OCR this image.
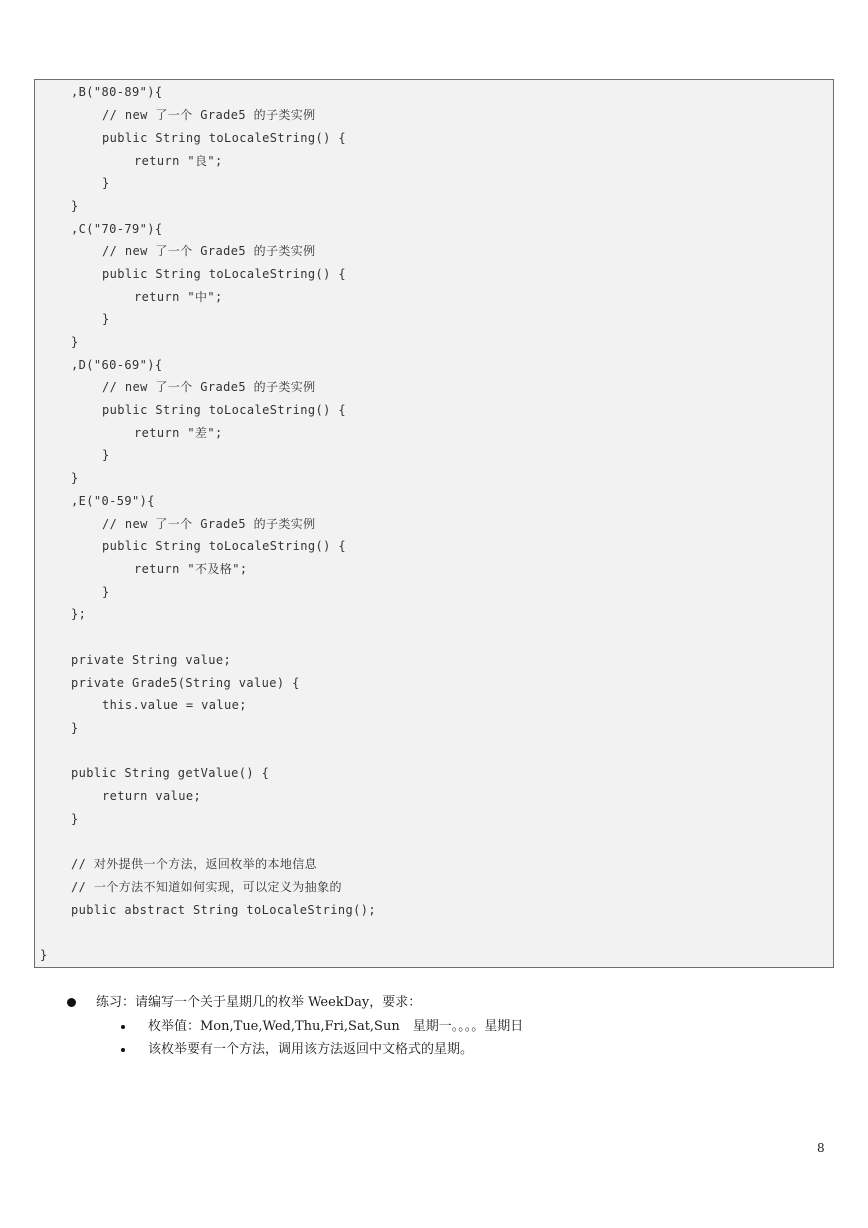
,B("80-89"){
// new 了一个 Grade5 的子类实例
public String toLocaleString() {
return "良";
}
}
,C("70-79"){
// new 了一个 Grade5 的子类实例
public String toLocaleString() {
return "中";
}
}
,D("60-69"){
// new 了一个 Grade5 的子类实例
public String toLocaleString() {
return "差";
}
}
,E("0-59"){
// new 了一个 Grade5 的子类实例
public String toLocaleString() {
return "不及格";
}
};
private String value;
private Grade5(String value) {
this.value = value;
}
public String getValue() {
return value;
}
// 对外提供一个方法，返回枚举的本地信息
// 一个方法不知道如何实现，可以定义为抽象的
public abstract String toLocaleString();
}
练习：请编写一个关于星期几的枚举 WeekDay，要求：
枚举值：Mon,Tue,Wed,Thu,Fri,Sat,Sun　星期一。。。。星期日
该枚举要有一个方法，调用该方法返回中文格式的星期。
8
